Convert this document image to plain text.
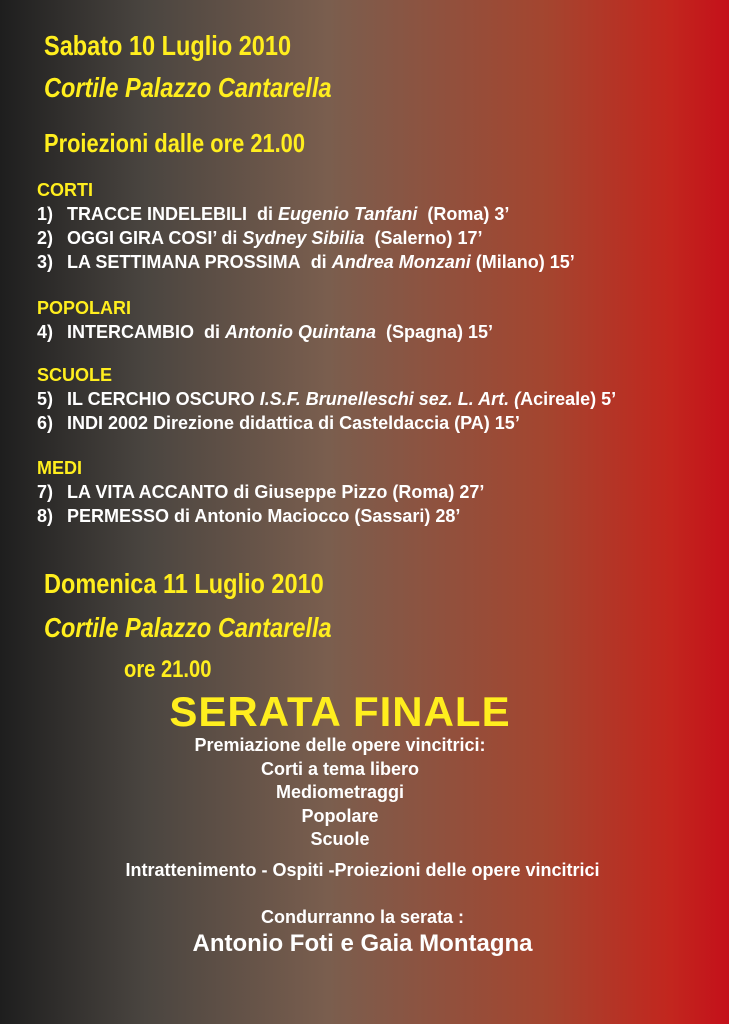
Sabato 10 Luglio 2010
Cortile Palazzo Cantarella
Proiezioni dalle ore 21.00
CORTI
1) TRACCE INDELEBILI di Eugenio Tanfani (Roma) 3’
2) OGGI GIRA COSI’ di Sydney Sibilia (Salerno) 17’
3) LA SETTIMANA PROSSIMA di Andrea Monzani (Milano) 15’
POPOLARI
4) INTERCAMBIO di Antonio Quintana (Spagna) 15’
SCUOLE
5) IL CERCHIO OSCURO I.S.F. Brunelleschi sez. L. Art. (Acireale) 5’
6) INDI 2002 Direzione didattica di Casteldaccia (PA) 15’
MEDI
7) LA VITA ACCANTO di Giuseppe Pizzo (Roma) 27’
8) PERMESSO di Antonio Maciocco (Sassari) 28’
Domenica 11 Luglio 2010
Cortile Palazzo Cantarella
ore 21.00
SERATA FINALE
Premiazione delle opere vincitrici:
Corti a tema libero
Mediometraggi
Popolare
Scuole
Intrattenimento - Ospiti -Proiezioni delle opere vincitrici
Condurranno la serata :
Antonio Foti e Gaia Montagna
